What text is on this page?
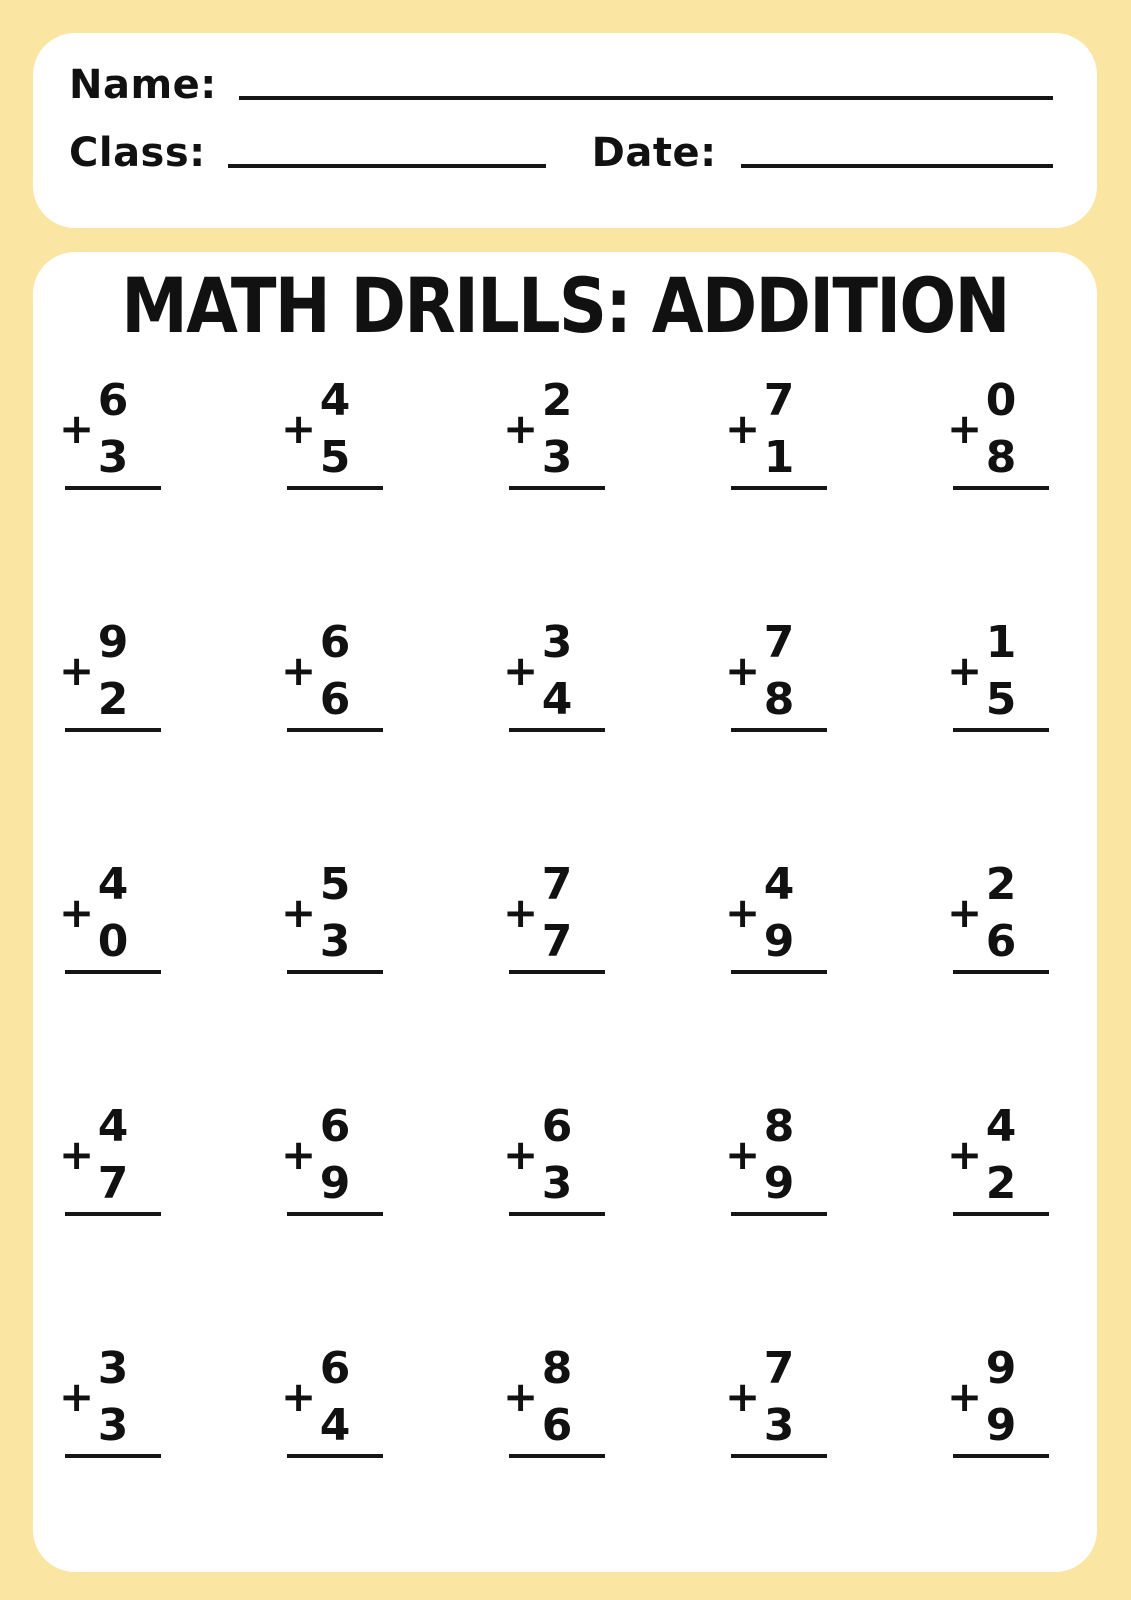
Name:
Class:	Date:
MATH DRILLS: ADDITION
+
6
3
+
4
5
+
2
3
+
7
1
+
0
8
+
9
2
+
6
6
+
3
4
+
7
8
+
1
5
+
4
0
+
5
3
+
7
7
+
4
9
+
2
6
+
4
7
+
6
9
+
6
3
+
8
9
+
4
2
+
3
3
+
6
4
+
8
6
+
7
3
+
9
9
